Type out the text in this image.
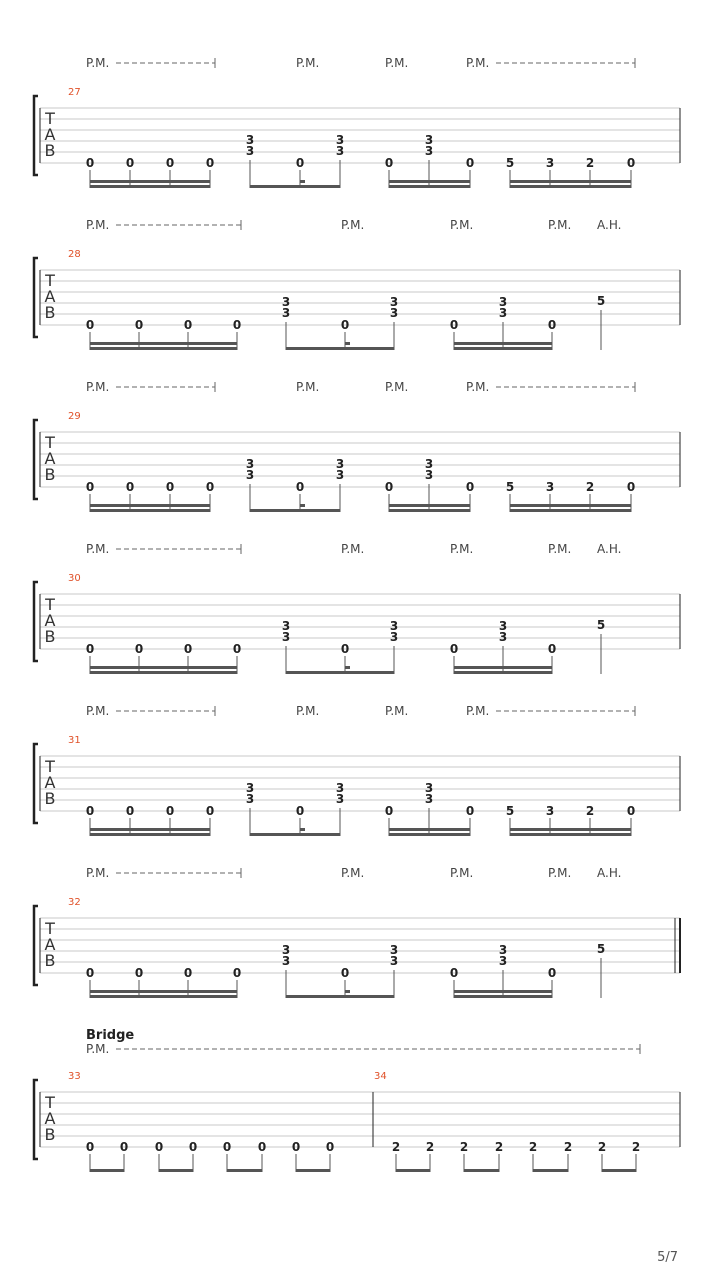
P.M.	P.M.	P.M.	P.M.
27
T
A
B
0	0	0	0
3
3
0
3
3
0
3
3
0	5	3	2	0
P.M.	P.M.	P.M.	P.M. A.H.
28
T
A
B
0	0	0	0
3
3
0
3
3
0
3
3
0
5
P.M.	P.M.	P.M.	P.M.
29
T
A
B
0	0	0	0
3
3
0
3
3
0
3
3
0	5	3	2	0
P.M.	P.M.	P.M.	P.M. A.H.
30
T
A
B
0	0	0	0
3
3
0
3
3
0
3
3
0
5
P.M.	P.M.	P.M.	P.M.
31
T
A
B
0	0	0	0
3
3
0
3
3
0
3
3
0	5	3	2	0
P.M.	P.M.	P.M.	P.M. A.H.
32
T
A
B
0	0	0	0
3
3
0
3
3
0
3
3
0
5
Bridge
P.M.
33	34
T
A
B
0 0 0 0 0 0 0 0	2 2 2 2 2 2 2 2
5/7
